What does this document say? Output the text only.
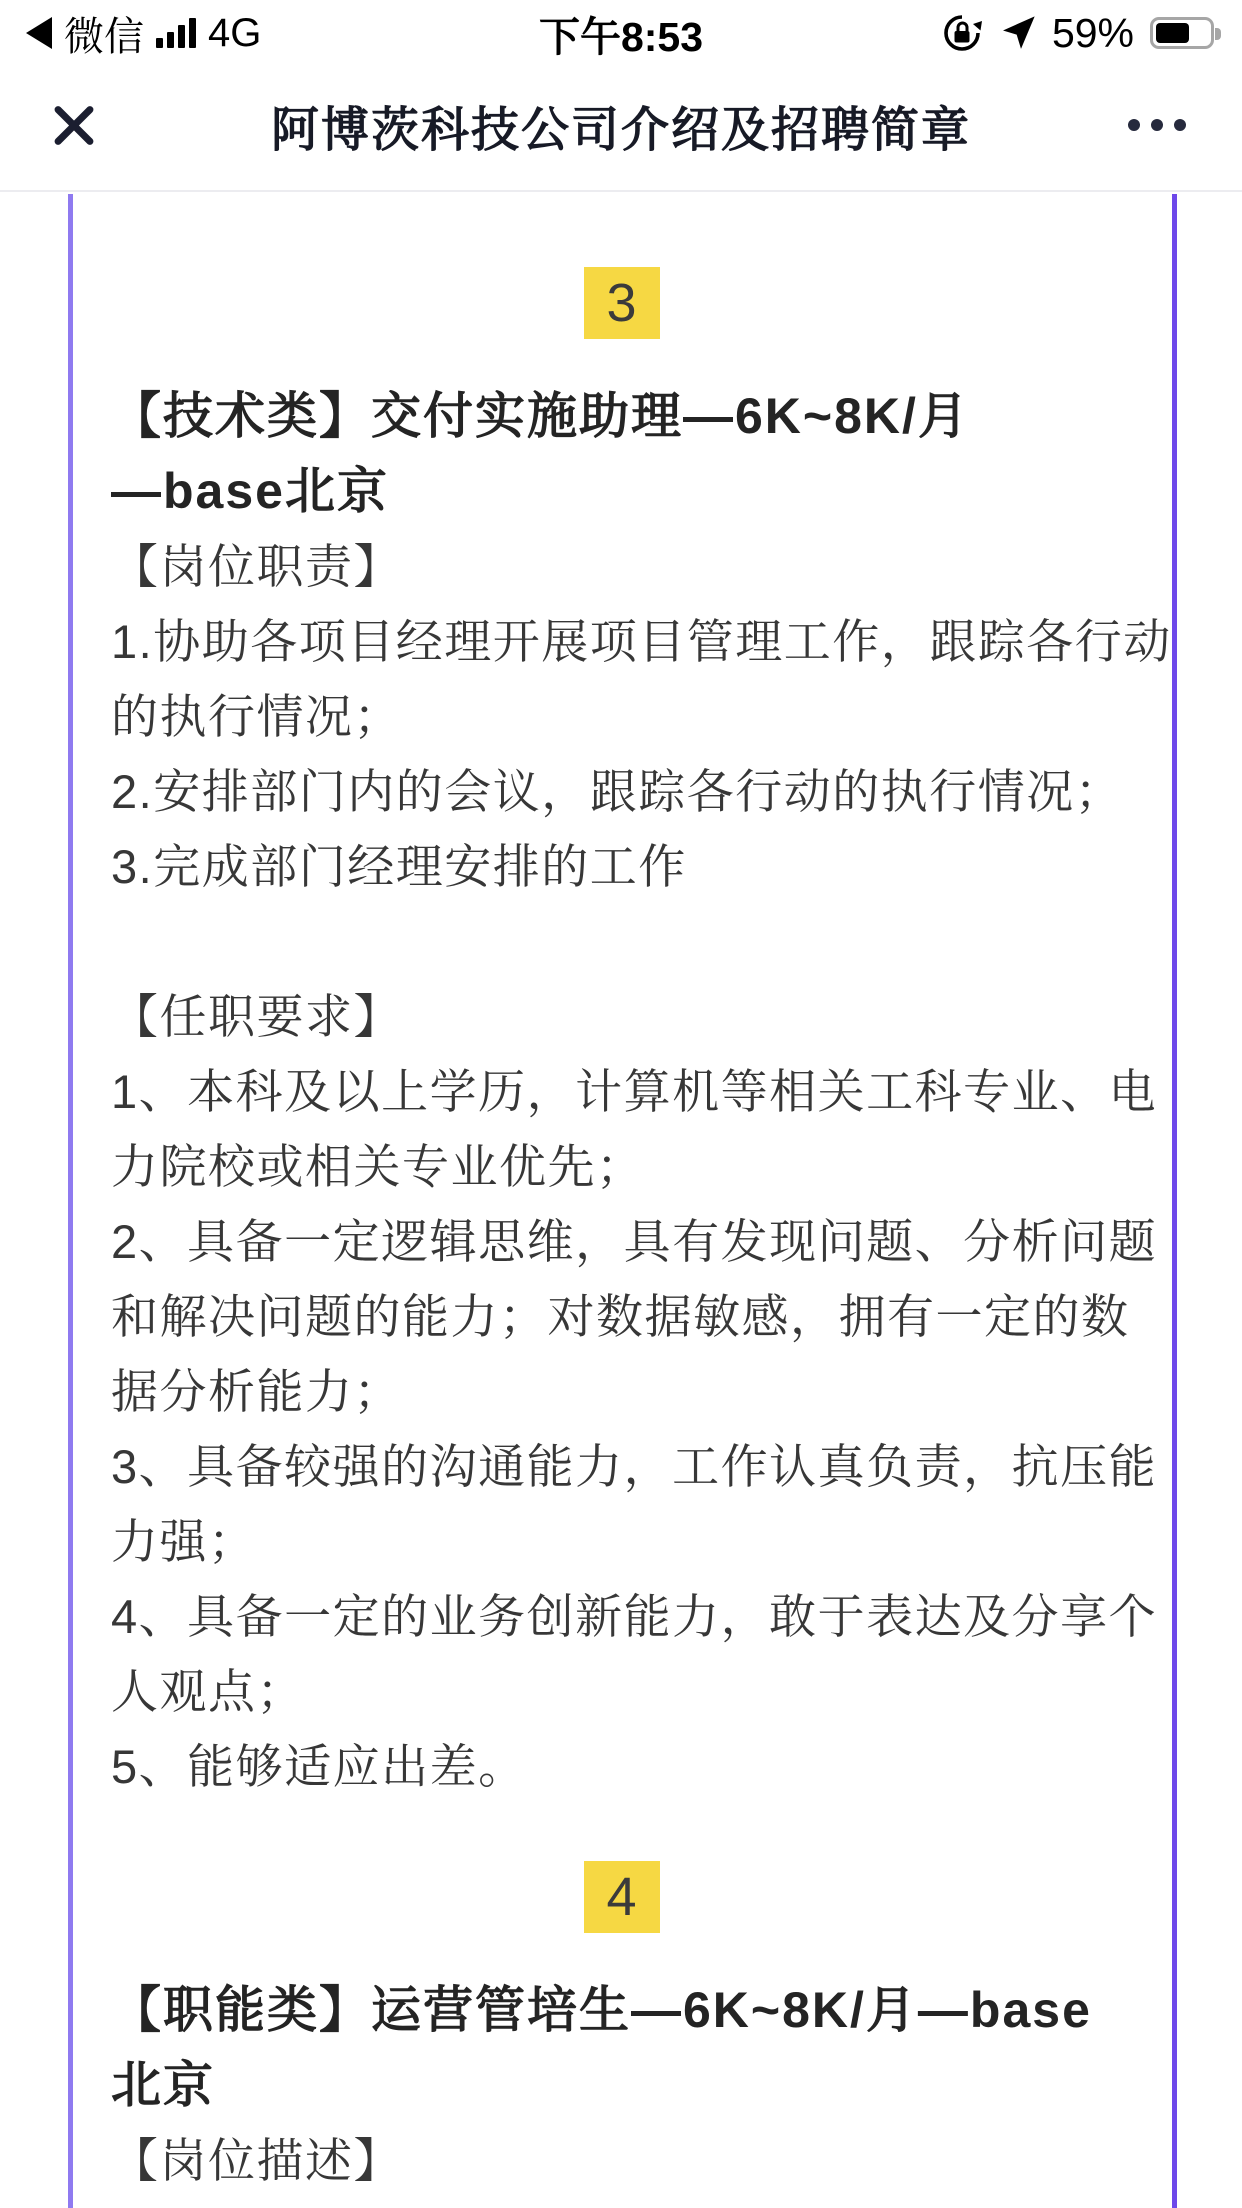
微信 4G	下午8:53	59%
阿博茨科技公司介绍及招聘简章
3
【技术类】交付实施助理—6K~8K/月
—base北京
【岗位职责】
1.协助各项目经理开展项目管理工作，跟踪各行动
的执行情况；
2.安排部门内的会议，跟踪各行动的执行情况；
3.完成部门经理安排的工作
【任职要求】
1、本科及以上学历，计算机等相关工科专业、电
力院校或相关专业优先；
2、具备一定逻辑思维，具有发现问题、分析问题
和解决问题的能力；对数据敏感，拥有一定的数
据分析能力；
3、具备较强的沟通能力，工作认真负责，抗压能
力强；
4、具备一定的业务创新能力，敢于表达及分享个
人观点；
5、能够适应出差。
4
【职能类】运营管培生—6K~8K/月—base
北京
【岗位描述】
